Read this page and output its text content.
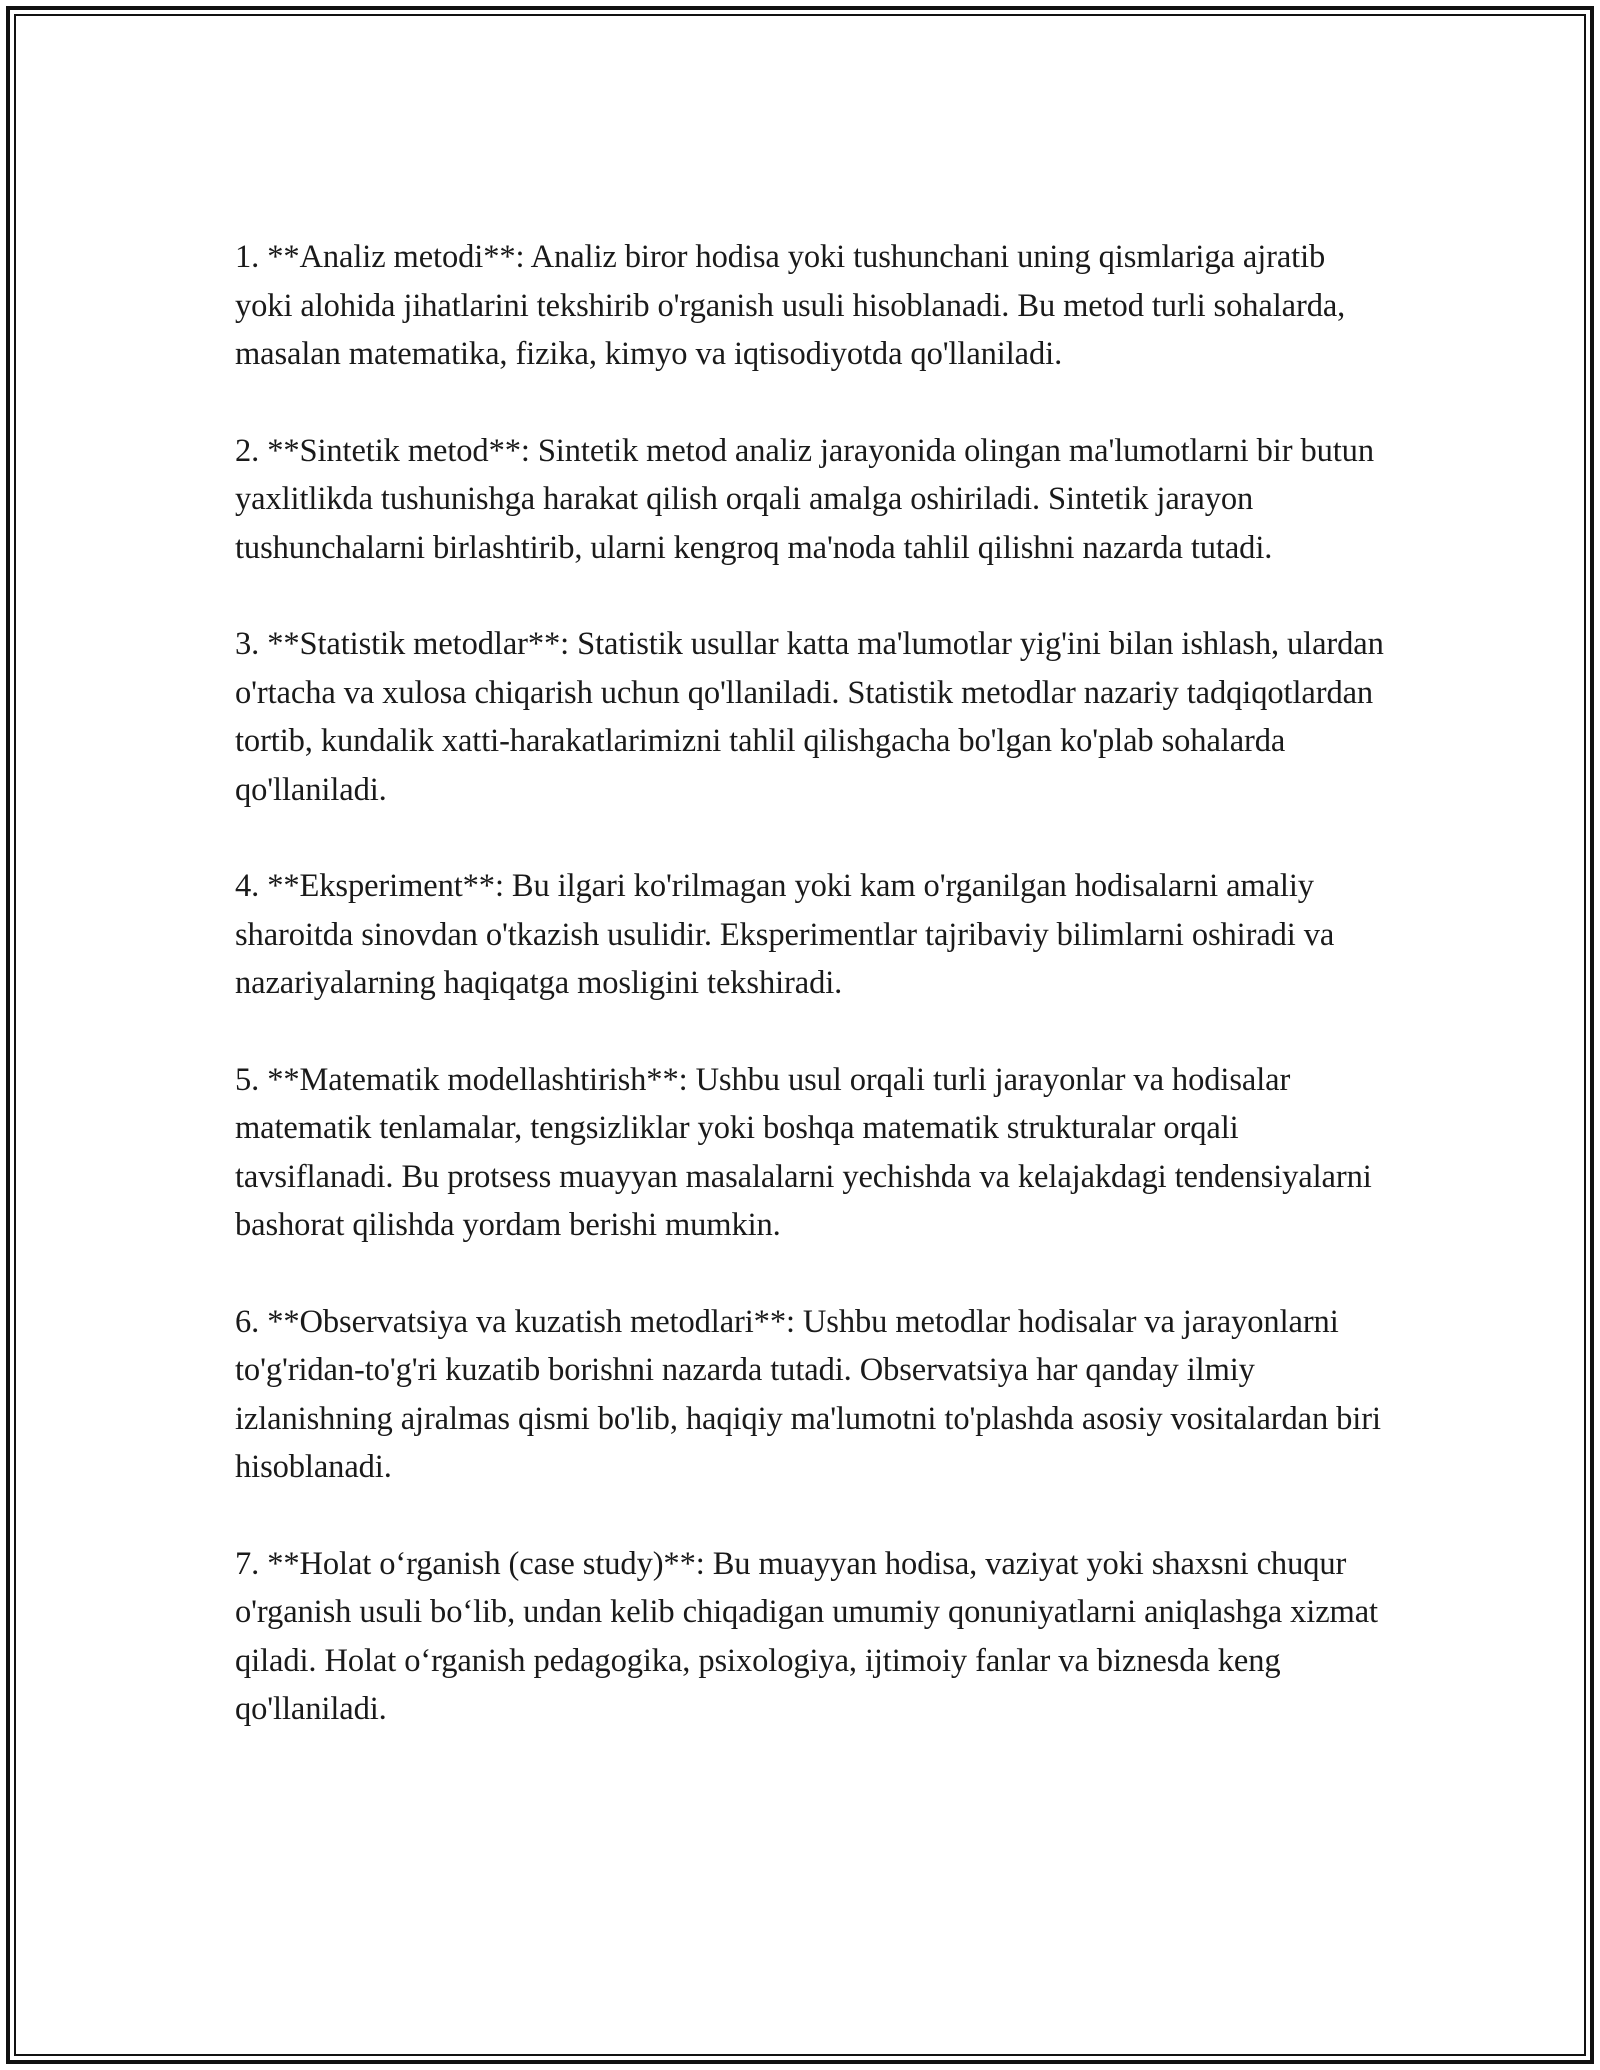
1. **Analiz metodi**: Analiz biror hodisa yoki tushunchani uning qismlariga ajratib yoki alohida jihatlarini tekshirib o'rganish usuli hisoblanadi. Bu metod turli sohalarda, masalan matematika, fizika, kimyo va iqtisodiyotda qo'llaniladi.

2. **Sintetik metod**: Sintetik metod analiz jarayonida olingan ma'lumotlarni bir butun yaxlitlikda tushunishga harakat qilish orqali amalga oshiriladi. Sintetik jarayon tushunchalarni birlashtirib, ularni kengroq ma'noda tahlil qilishni nazarda tutadi.

3. **Statistik metodlar**: Statistik usullar katta ma'lumotlar yig'ini bilan ishlash, ulardan o'rtacha va xulosa chiqarish uchun qo'llaniladi. Statistik metodlar nazariy tadqiqotlardan tortib, kundalik xatti-harakatlarimizni tahlil qilishgacha bo'lgan ko'plab sohalarda qo'llaniladi.

4. **Eksperiment**: Bu ilgari ko'rilmagan yoki kam o'rganilgan hodisalarni amaliy sharoitda sinovdan o'tkazish usulidir. Eksperimentlar tajribaviy bilimlarni oshiradi va nazariyalarning haqiqatga mosligini tekshiradi.

5. **Matematik modellashtirish**: Ushbu usul orqali turli jarayonlar va hodisalar matematik tenlamalar, tengsizliklar yoki boshqa matematik strukturalar orqali tavsiflanadi. Bu protsess muayyan masalalarni yechishda va kelajakdagi tendensiyalarni bashorat qilishda yordam berishi mumkin.

6. **Observatsiya va kuzatish metodlari**: Ushbu metodlar hodisalar va jarayonlarni to'g'ridan-to'g'ri kuzatib borishni nazarda tutadi. Observatsiya har qanday ilmiy izlanishning ajralmas qismi bo'lib, haqiqiy ma'lumotni to'plashda asosiy vositalardan biri hisoblanadi.

7. **Holat o‘rganish (case study)**: Bu muayyan hodisa, vaziyat yoki shaxsni chuqur o'rganish usuli bo‘lib, undan kelib chiqadigan umumiy qonuniyatlarni aniqlashga xizmat qiladi. Holat o‘rganish pedagogika, psixologiya, ijtimoiy fanlar va biznesda keng qo'llaniladi.
